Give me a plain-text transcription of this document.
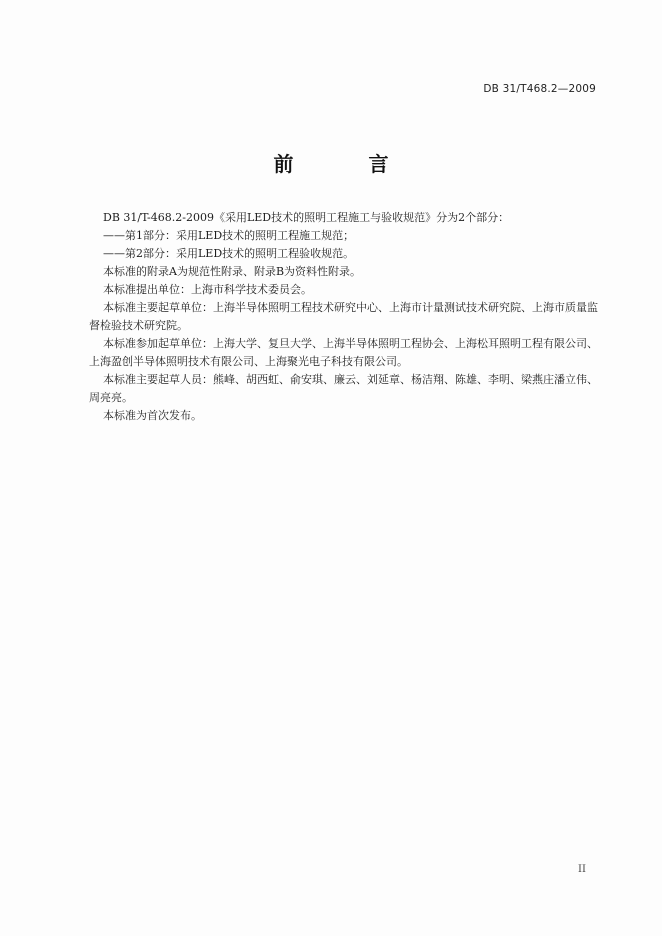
DB 31/T468.2—2009
前 言

DB 31/T-468.2-2009《采用LED技术的照明工程施工与验收规范》分为2个部分：

——第1部分：采用LED技术的照明工程施工规范；

——第2部分：采用LED技术的照明工程验收规范。

本标准的附录A为规范性附录、附录B为资料性附录。

本标准提出单位：上海市科学技术委员会。

本标准主要起草单位：上海半导体照明工程技术研究中心、上海市计量测试技术研究院、上海市质量监督检验技术研究院。

本标准参加起草单位：上海大学、复旦大学、上海半导体照明工程协会、上海松耳照明工程有限公司、上海盈创半导体照明技术有限公司、上海聚光电子科技有限公司。

本标准主要起草人员：熊峰、胡西虹、俞安琪、廉云、刘延章、杨洁翔、陈雄、李明、梁燕庄潘立伟、周亮亮。

本标准为首次发布。

II
